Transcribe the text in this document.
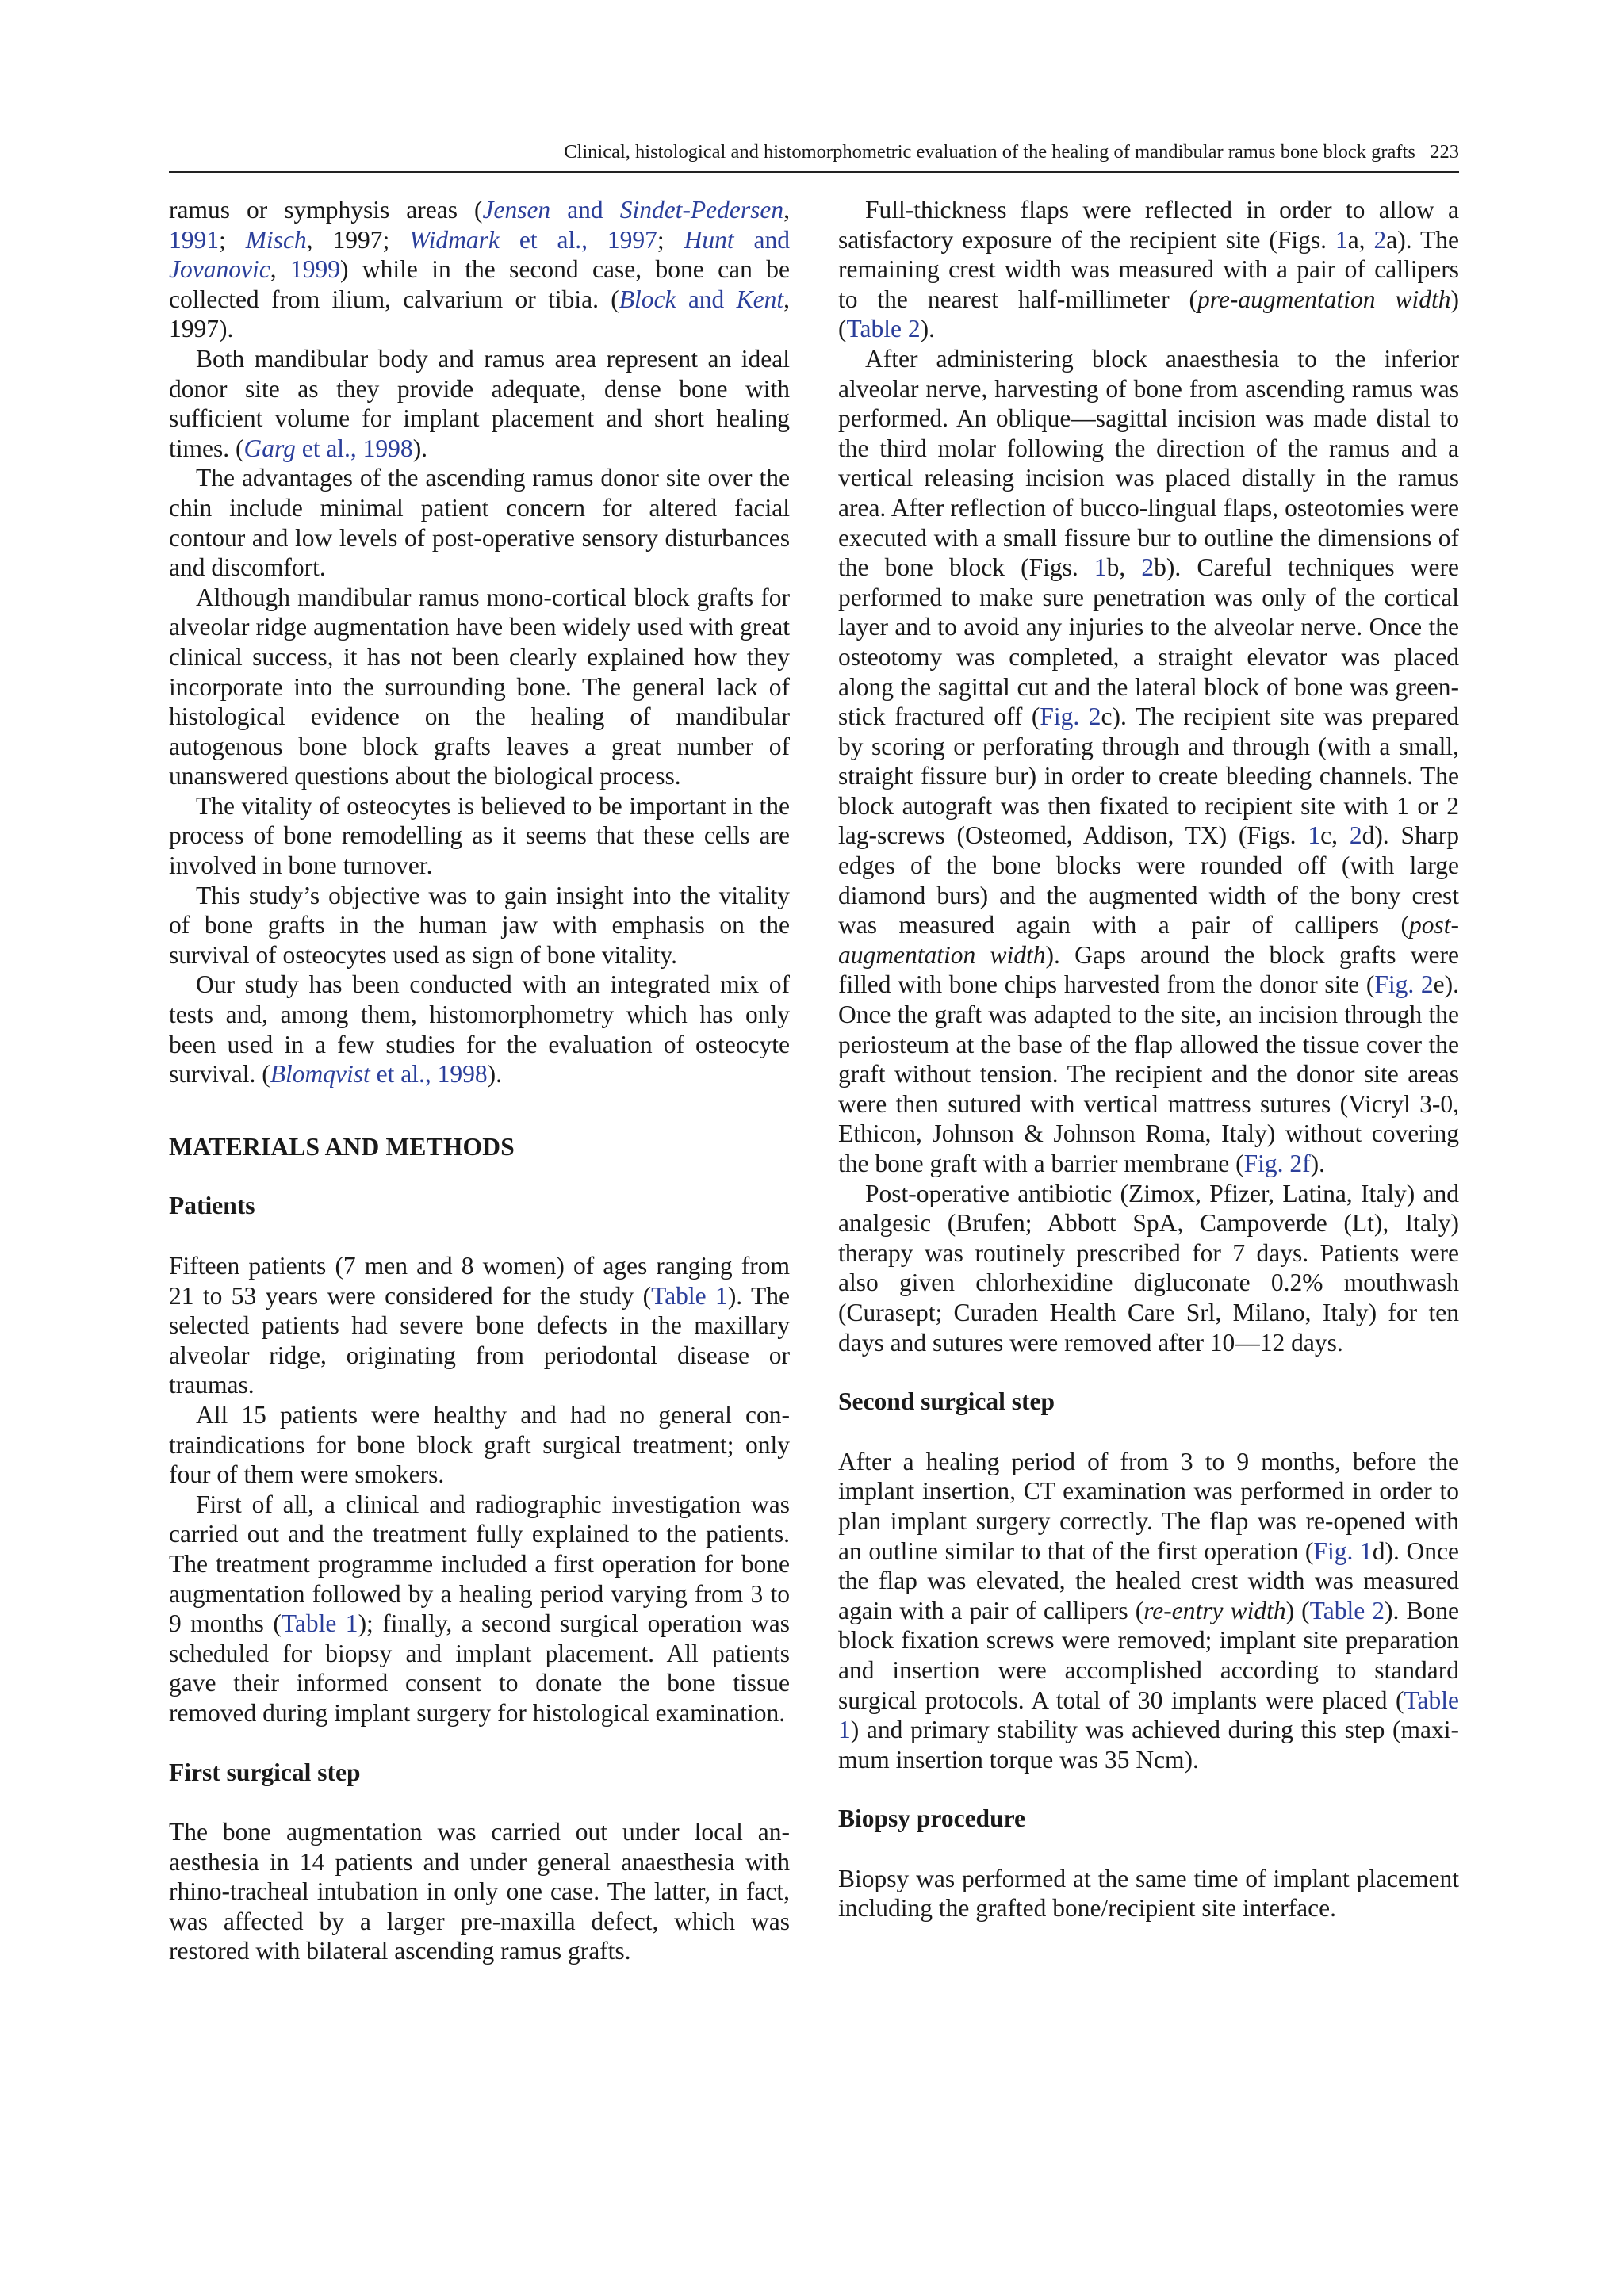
Clinical, histological and histomorphometric evaluation of the healing of mandibular ramus bone block grafts 223

ramus or symphysis areas (Jensen and Sindet-Pedersen, 1991; Misch, 1997; Widmark et al., 1997; Hunt and Jovanovic, 1999) while in the second case, bone can be collected from ilium, calvarium or tibia. (Block and Kent, 1997).

Both mandibular body and ramus area represent an ideal donor site as they provide adequate, dense bone with sufficient volume for implant placement and short healing times. (Garg et al., 1998).

The advantages of the ascending ramus donor site over the chin include minimal patient concern for altered facial contour and low levels of post-operative sensory disturbances and discomfort.

Although mandibular ramus mono-cortical block grafts for alveolar ridge augmentation have been widely used with great clinical success, it has not been clearly explained how they incorporate into the surrounding bone. The general lack of histological evidence on the healing of mandibular autogenous bone block grafts leaves a great number of unanswered questions about the biological process.

The vitality of osteocytes is believed to be important in the process of bone remodelling as it seems that these cells are involved in bone turnover.

This study’s objective was to gain insight into the vitality of bone grafts in the human jaw with emphasis on the survival of osteocytes used as sign of bone vitality.

Our study has been conducted with an integrated mix of tests and, among them, histomorphometry which has only been used in a few studies for the evaluation of osteocyte survival. (Blomqvist et al., 1998).

MATERIALS AND METHODS
Patients

Fifteen patients (7 men and 8 women) of ages ranging from 21 to 53 years were considered for the study (Table 1). The selected patients had severe bone defects in the maxillary alveolar ridge, originating from periodontal disease or traumas.

All 15 patients were healthy and had no general contraindications for bone block graft surgical treatment; only four of them were smokers.

First of all, a clinical and radiographic investigation was carried out and the treatment fully explained to the patients. The treatment programme included a first operation for bone augmentation followed by a healing period varying from 3 to 9 months (Table 1); finally, a second surgical operation was scheduled for biopsy and implant placement. All patients gave their informed consent to donate the bone tissue removed during implant surgery for histological examination.

First surgical step

The bone augmentation was carried out under local anaesthesia in 14 patients and under general anaesthesia with rhino-tracheal intubation in only one case. The latter, in fact, was affected by a larger pre-maxilla defect, which was restored with bilateral ascending ramus grafts.

Full-thickness flaps were reflected in order to allow a satisfactory exposure of the recipient site (Figs. 1a, 2a). The remaining crest width was measured with a pair of callipers to the nearest half-millimeter (pre-augmentation width) (Table 2).

After administering block anaesthesia to the inferior alveolar nerve, harvesting of bone from ascending ramus was performed. An oblique—sagittal incision was made distal to the third molar following the direction of the ramus and a vertical releasing incision was placed distally in the ramus area. After reflection of bucco-lingual flaps, osteotomies were executed with a small fissure bur to outline the dimensions of the bone block (Figs. 1b, 2b). Careful techniques were performed to make sure penetration was only of the cortical layer and to avoid any injuries to the alveolar nerve. Once the osteotomy was completed, a straight elevator was placed along the sagittal cut and the lateral block of bone was green-stick fractured off (Fig. 2c). The recipient site was prepared by scoring or perforating through and through (with a small, straight fissure bur) in order to create bleeding channels. The block autograft was then fixated to recipient site with 1 or 2 lag-screws (Osteomed, Addison, TX) (Figs. 1c, 2d). Sharp edges of the bone blocks were rounded off (with large diamond burs) and the augmented width of the bony crest was measured again with a pair of callipers (post-augmentation width). Gaps around the block grafts were filled with bone chips harvested from the donor site (Fig. 2e). Once the graft was adapted to the site, an incision through the periosteum at the base of the flap allowed the tissue cover the graft without tension. The recipient and the donor site areas were then sutured with vertical mattress sutures (Vicryl 3-0, Ethicon, Johnson & Johnson Roma, Italy) without covering the bone graft with a barrier membrane (Fig. 2f).

Post-operative antibiotic (Zimox, Pfizer, Latina, Italy) and analgesic (Brufen; Abbott SpA, Campoverde (Lt), Italy) therapy was routinely prescribed for 7 days. Patients were also given chlorhexidine digluconate 0.2% mouthwash (Curasept; Curaden Health Care Srl, Milano, Italy) for ten days and sutures were removed after 10—12 days.

Second surgical step

After a healing period of from 3 to 9 months, before the implant insertion, CT examination was performed in order to plan implant surgery correctly. The flap was re-opened with an outline similar to that of the first operation (Fig. 1d). Once the flap was elevated, the healed crest width was measured again with a pair of callipers (re-entry width) (Table 2). Bone block fixation screws were removed; implant site preparation and insertion were accomplished according to standard surgical protocols. A total of 30 implants were placed (Table 1) and primary stability was achieved during this step (maximum insertion torque was 35 Ncm).

Biopsy procedure

Biopsy was performed at the same time of implant placement including the grafted bone/recipient site interface.
